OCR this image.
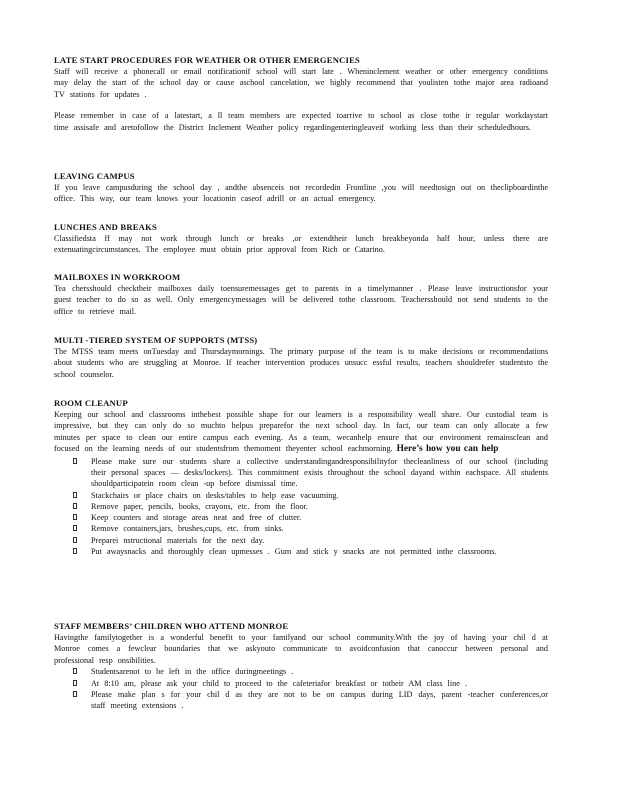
LATE START PROCEDURES FOR WEATHER OR OTHER EMERGENCIES

Staff will receive a phonecall or email notificationif school will start late . Wheninclement weather or other emergency conditions may delay the start of the school day or cause aschool cancelation, we highly recommend that youlisten tothe major area radioand TV stations for updates .

Please remember in case of a latestart, a ll team members are expected toarrive to school as close tothe ir regular workdaystart time assisafe and aretofollow the District Inclement Weather policy regardingenteringleaveif working less than their scheduledhours.

LEAVING CAMPUS

If you leave campusduring the school day , andthe absenceis not recordedin Frontline ,you will needtosign out on theclipboardinthe office. This way, our team knows your locationin caseof adrill or an actual emergency.

LUNCHES AND BREAKS

Classifiedsta ff may not work through lunch or breaks ,or extendtheir lunch breakbeyonda half hour, unless there are extenuatingcircumstances. The employee must obtain prior approval from Rich or Catarino.

MAILBOXES IN WORKROOM

Tea chersshould checktheir mailboxes daily toensuremessages get to parents in a timelymanner . Please leave instructionsfor your guest teacher to do so as well. Only emergencymessages will be delivered tothe classroom. Teachersshould not send students to the office to retrieve mail.

MULTI -TIERED SYSTEM OF SUPPORTS (MTSS)

The MTSS team meets onTuesday and Thursdaymornings. The primary purpose of the team is to make decisions or recommendations about students who are struggling at Monroe. If teacher intervention produces unsucc essful results, teachers shouldrefer studentsto the school counselor.

ROOM CLEANUP

Keeping our school and classrooms inthebest possible shape for our learners is a responsibility weall share. Our custodial team is impressive, but they can only do so muchto helpus preparefor the next school day. In fact, our team can only allocate a few minutes per space to clean our entire campus each evening. As a team, wecanhelp ensure that our environment remainsclean and focused on the learning needs of our studentsfrom themoment theyenter school eachmorning. Here’s how you can help

Please make sure our students share a collective understandingandresponsibilityfor thecleanliness of our school (including their personal spaces — desks/lockers). This commitment exists throughout the school dayand within eachspace. All students shouldparticipatein room clean -up before dismissal time.
Stackchairs or place chairs on desks/tables to help ease vacuuming.
Remove paper, pencils, books, crayons, etc. from the floor.
Keep counters and storage areas neat and free of clutter.
Remove containers,jars, brushes,cups, etc. from sinks.
Preparei nstructional materials for the next day.
Put awaysnacks and thoroughly clean upmesses . Gum and stick y snacks are not permitted inthe classrooms.

STAFF MEMBERS’ CHILDREN WHO ATTEND MONROE

Havingthe familytogether is a wonderful benefit to your familyand our school community.With the joy of having your chil d at Monroe comes a fewclear boundaries that we askyouto communicate to avoidconfusion that canoccur between personal and professional resp onsibilities.

Studentsarenot to be left in the office duringmeetings .
At 8:10 am, please ask your child to proceed to the cafeteriafor breakfast or totheir AM class line .
Please make plan s for your chil d as they are not to be on campus during LID days, parent -teacher conferences,or staff meeting extensions .
